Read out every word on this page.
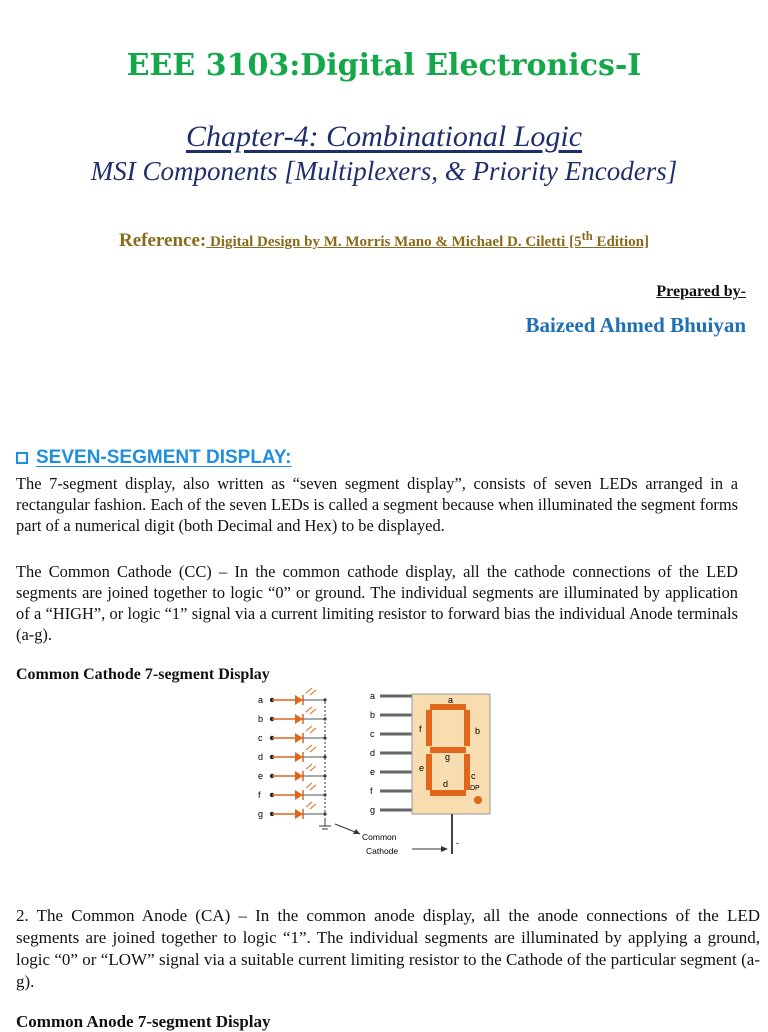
EEE 3103:Digital Electronics-I
Chapter-4: Combinational Logic
MSI Components [Multiplexers, & Priority Encoders]
Reference: Digital Design by M. Morris Mano & Michael D. Ciletti [5th Edition]
Prepared by-
Baizeed Ahmed Bhuiyan
SEVEN-SEGMENT DISPLAY:
The 7-segment display, also written as “seven segment display”, consists of seven LEDs arranged in a rectangular fashion. Each of the seven LEDs is called a segment because when illuminated the segment forms part of a numerical digit (both Decimal and Hex) to be displayed.
The Common Cathode (CC) – In the common cathode display, all the cathode connections of the LED segments are joined together to logic “0” or ground. The individual segments are illuminated by application of a “HIGH”, or logic “1” signal via a current limiting resistor to forward bias the individual Anode terminals (a-g).
Common Cathode 7-segment Display
a
b
c
d
e
f
g
a
b
c
d
e
f
g
a
b
c
d
e
f
g
DP
-
Common
Cathode
2. The Common Anode (CA) – In the common anode display, all the anode connections of the LED segments are joined together to logic “1”. The individual segments are illuminated by applying a ground, logic “0” or “LOW” signal via a suitable current limiting resistor to the Cathode of the particular segment (a-g).
Common Anode 7-segment Display
